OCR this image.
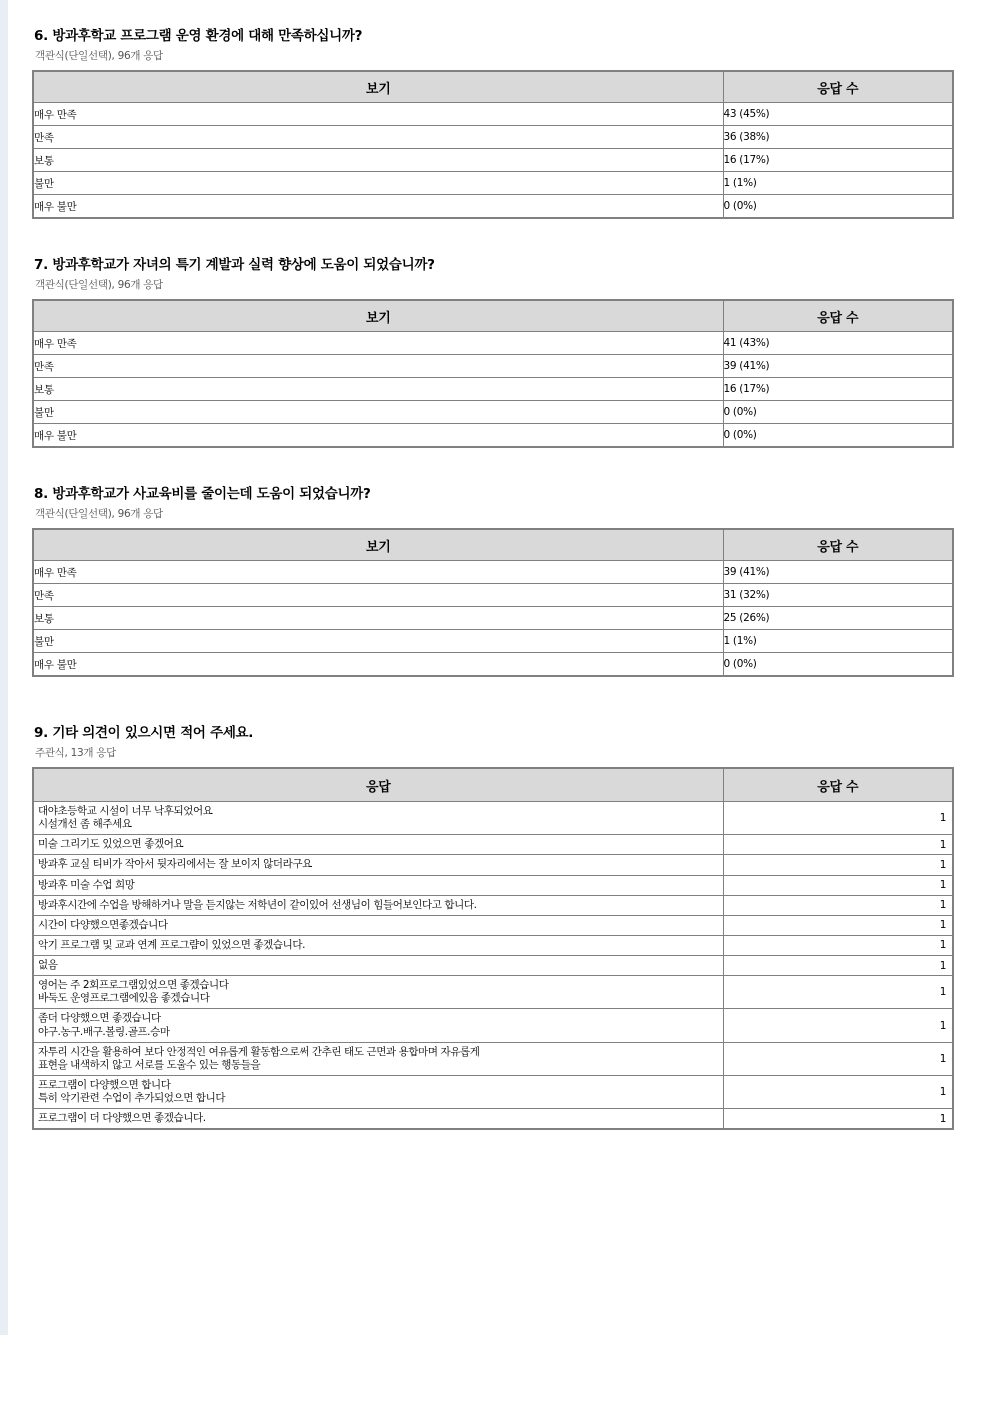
6. 방과후학교 프로그램 운영 환경에 대해 만족하십니까?
객관식(단일선택), 96개 응답
보기	응답 수
매우 만족	43 (45%)
만족	36 (38%)
보통	16 (17%)
불만	1 (1%)
매우 불만	0 (0%)
7. 방과후학교가 자녀의 특기 계발과 실력 향상에 도움이 되었습니까?
객관식(단일선택), 96개 응답
보기	응답 수
매우 만족	41 (43%)
만족	39 (41%)
보통	16 (17%)
불만	0 (0%)
매우 불만	0 (0%)
8. 방과후학교가 사교육비를 줄이는데 도움이 되었습니까?
객관식(단일선택), 96개 응답
보기	응답 수
매우 만족	39 (41%)
만족	31 (32%)
보통	25 (26%)
불만	1 (1%)
매우 불만	0 (0%)
9. 기타 의견이 있으시면 적어 주세요.
주관식, 13개 응답
응답	응답 수

대야초등학교 시설이 너무 낙후되었어요
시설개선 좀 해주세요	1

미술 그리기도 있었으면 좋겠어요	1

방과후 교실 티비가 작아서 뒷자리에서는 잘 보이지 않더라구요	1

방과후 미술 수업 희망	1

방과후시간에 수업을 방해하거나 말을 듣지않는 저학년이 같이있어 선생님이 힘들어보인다고 합니다.	1

시간이 다양했으면좋겠습니다	1

악기 프로그램 및 교과 연계 프로그럄이 있었으면 좋겠습니다.	1

없음	1

영어는 주 2회프로그램있었으면 좋겠습니다
바둑도 운영프로그램에있음 좋겠습니다	1

좀더 다양했으면 좋겠습니다
야구.농구.배구.볼링.골프.승마	1

자투리 시간을 활용하여 보다 안정적인 여유롭게 활동함으로써 간추린 태도 근면과 용합마며 자유롭게
표현을 내색하지 않고 서로를 도울수 있는 행동들을	1

프로그램이 다양했으면 합니다
특히 악기관련 수업이 추가되었으면 합니다	1

프로그램이 더 다양했으면 좋겠습니다.	1
